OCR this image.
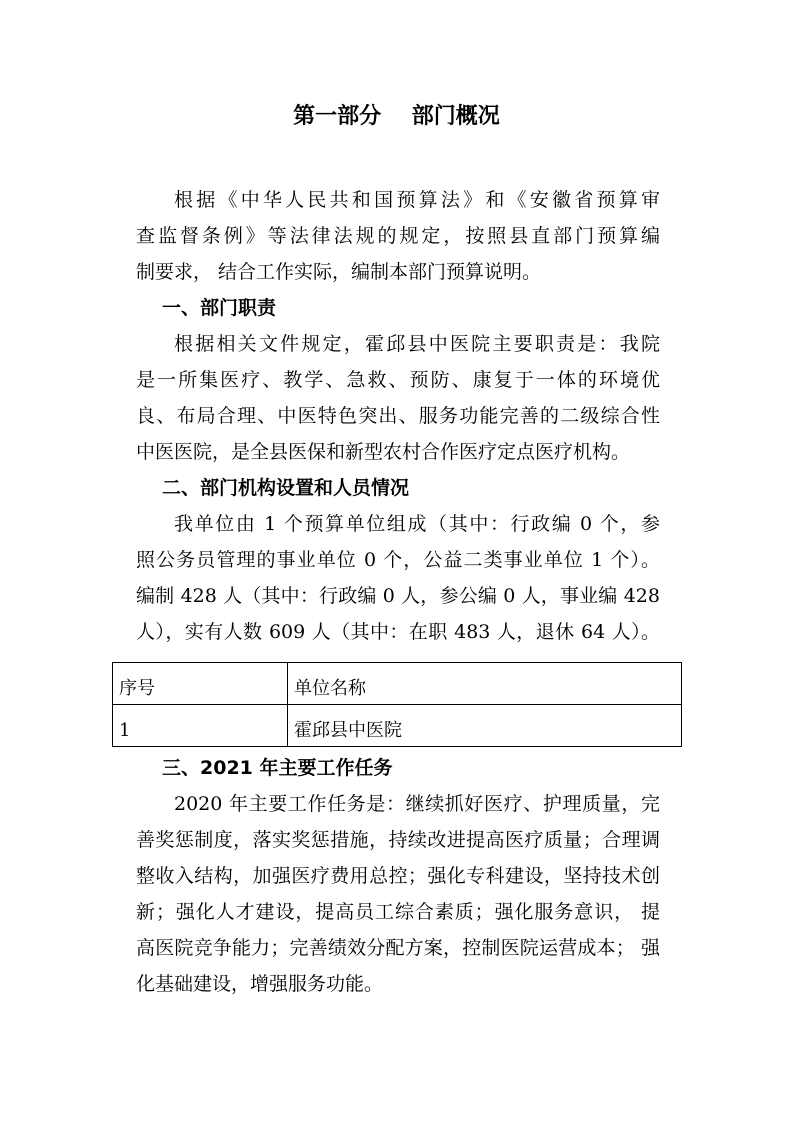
第一部分    部门概况
根据《中华人民共和国预算法》和《安徽省预算审
查监督条例》等法律法规的规定，按照县直部门预算编
制要求， 结合工作实际，编制本部门预算说明。
一、部门职责
根据相关文件规定，霍邱县中医院主要职责是：我院
是一所集医疗、教学、急救、预防、康复于一体的环境优
良、布局合理、中医特色突出、服务功能完善的二级综合性
中医医院，是全县医保和新型农村合作医疗定点医疗机构。
二、部门机构设置和人员情况
我单位由 1 个预算单位组成（其中：行政编 0 个，参
照公务员管理的事业单位 0 个，公益二类事业单位 1 个）。
编制 428 人（其中：行政编 0 人，参公编 0 人，事业编 428
人），实有人数 609 人（其中：在职 483 人，退休 64 人）。
序号	单位名称
1	霍邱县中医院
三、2021 年主要工作任务
2020 年主要工作任务是：继续抓好医疗、护理质量，完
善奖惩制度，落实奖惩措施，持续改进提高医疗质量；合理调
整收入结构，加强医疗费用总控；强化专科建设，坚持技术创
新；强化人才建设，提高员工综合素质；强化服务意识， 提
高医院竞争能力；完善绩效分配方案，控制医院运营成本； 强
化基础建设，增强服务功能。
